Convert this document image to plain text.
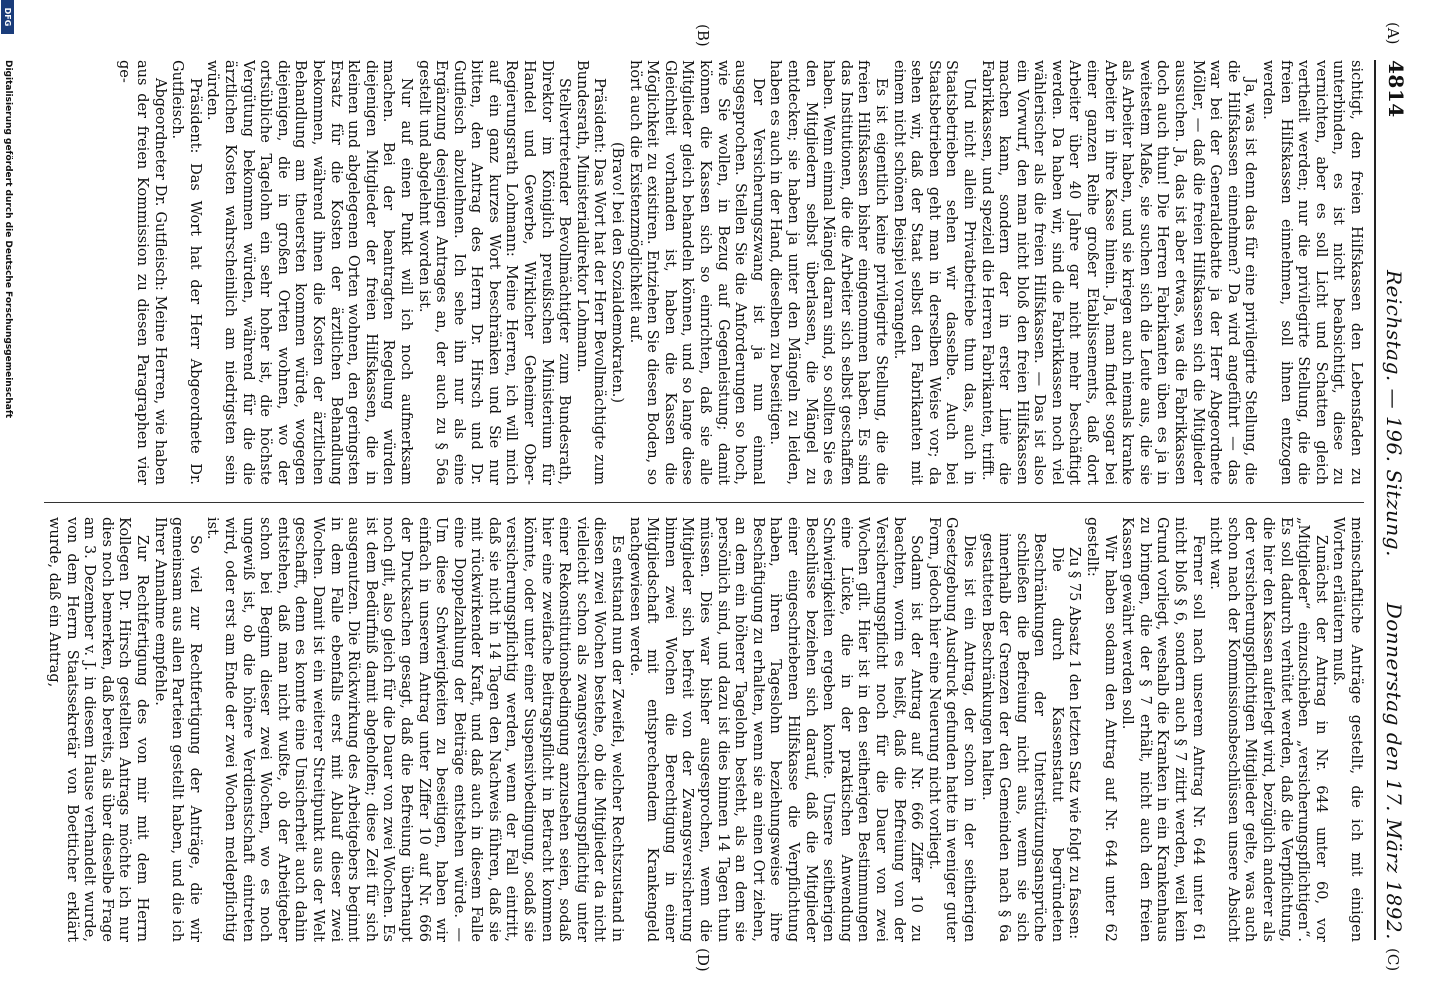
4814
Reichstag. — 196. Sitzung.
Donnerstag den 17. März 1892.
(A)
(B)
(C)
(D)

sichtigt, den freien Hilfskassen den Lebensfaden zu unterbinden, es ist nicht beabsichtigt, diese zu vernichten, aber es soll Licht und Schatten gleich vertheilt werden; nur die privilegirte Stellung, die die freien Hilfskassen einnehmen, soll ihnen entzogen werden.

Ja, was ist denn das für eine privilegirte Stellung, die die Hilfskassen einnehmen? Da wird angeführt — das war bei der Generaldebatte ja der Herr Abgeordnete Möller, — daß die freien Hilfskassen sich die Mitglieder aussuchen. Ja, das ist aber etwas, was die Fabrikkassen doch auch thun! Die Herren Fabrikanten üben es ja in weitestem Maße, sie suchen sich die Leute aus, die sie als Arbeiter haben, und sie kriegen auch niemals kranke Arbeiter in ihre Kasse hinein. Ja, man findet sogar bei einer ganzen Reihe großer Etablissements, daß dort Arbeiter über 40 Jahre gar nicht mehr beschäftigt werden. Da haben wir, sind die Fabrikkassen noch viel wählerischer als die freien Hilfskassen. — Das ist also ein Vorwurf, den man nicht bloß den freien Hilfskassen machen kann, sondern der in erster Linie die Fabrikkassen, und speziell die Herren Fabrikanten, trifft.

Und nicht allein Privatbetriebe thun das, auch in Staatsbetrieben sehen wir dasselbe. Auch bei Staatsbetrieben geht man in derselben Weise vor; da sehen wir, daß der Staat selbst den Fabrikanten mit einem nicht schönen Beispiel vorangeht.

Es ist eigentlich keine privilegirte Stellung, die die freien Hilfskassen bisher eingenommen haben. Es sind das Institutionen, die die Arbeiter sich selbst geschaffen haben. Wenn einmal Mängel daran sind, so sollten Sie es den Mitgliedern selbst überlassen, die Mängel zu entdecken; sie haben ja unter den Mängeln zu leiden, haben es auch in der Hand, dieselben zu beseitigen.

Der Versicherungszwang ist ja nun einmal ausgesprochen. Stellen Sie die Anforderungen so hoch, wie Sie wollen, in Bezug auf Gegenleistung; damit können die Kassen sich so einrichten, daß sie alle Mitglieder gleich behandeln können, und so lange diese Gleichheit vorhanden ist, haben die Kassen die Möglichkeit zu existiren. Entziehen Sie diesen Boden, so hört auch die Existenzmöglichkeit auf.

(Bravo! bei den Sozialdemokraten.)

Präsident: Das Wort hat der Herr Bevollmächtigte zum Bundesrath, Ministerialdirektor Lohmann.

Stellvertretender Bevollmächtigter zum Bundesrath, Direktor im Königlich preußischen Ministerium für Handel und Gewerbe, Wirklicher Geheimer Ober-Regierungsrath Lohmann: Meine Herren, ich will mich auf ein ganz kurzes Wort beschränken und Sie nur bitten, den Antrag des Herrn Dr. Hirsch und Dr. Gutfleisch abzulehnen. Ich sehe ihn nur als eine Ergänzung desjenigen Antrages an, der auch zu § 56a gestellt und abgelehnt worden ist.

Nur auf einen Punkt will ich noch aufmerksam machen. Bei der beantragten Regelung würden diejenigen Mitglieder der freien Hilfskassen, die in kleinen und abgelegenen Orten wohnen, den geringsten Ersatz für die Kosten der ärztlichen Behandlung bekommen, während ihnen die Kosten der ärztlichen Behandlung am theuersten kommen würde, wogegen diejenigen, die in großen Orten wohnen, wo der ortsübliche Tagelohn ein sehr hoher ist, die höchste Vergütung bekommen würden, während für die die ärztlichen Kosten wahrscheinlich am niedrigsten sein würden.

Präsident: Das Wort hat der Herr Abgeordnete Dr. Gutfleisch.

Abgeordneter Dr. Gutfleisch: Meine Herren, wie haben aus der freien Kommission zu diesen Paragraphen vier ge-

meinschaftliche Anträge gestellt, die ich mit einigen Worten erläutern muß.

Zunächst der Antrag in Nr. 644 unter 60, vor „Mitglieder“ einzuschieben „versicherungspflichtigen“. Es soll dadurch verhütet werden, daß die Verpflichtung, die hier den Kassen auferlegt wird, bezüglich anderer als der versicherungspflichtigen Mitglieder gelte, was auch schon nach der Kommissionsbeschlüssen unsere Absicht nicht war.

Ferner soll nach unserem Antrag Nr. 644 unter 61 nicht bloß § 6, sondern auch § 7 zitirt werden, weil kein Grund vorliegt, weshalb die Kranken in ein Krankenhaus zu bringen, die der § 7 erhält, nicht auch den freien Kassen gewährt werden soll.

Wir haben sodann den Antrag auf Nr. 644 unter 62 gestellt:

Zu § 75 Absatz 1 den letzten Satz wie folgt zu fassen:

Die durch Kassenstatut begründeten Beschränkungen der Unterstützungsansprüche schließen die Befreiung nicht aus, wenn sie sich innerhalb der Grenzen der den Gemeinden nach § 6a gestatteten Beschränkungen halten.

Dies ist ein Antrag, der schon in der seitherigen Gesetzgebung Ausdruck gefunden hatte in weniger guter Form, jedoch hier eine Neuerung nicht vorliegt.

Sodann ist der Antrag auf Nr. 666 Ziffer 10 zu beachten, worin es heißt, daß die Befreiung von der Versicherungspflicht noch für die Dauer von zwei Wochen gilt. Hier ist in den seitherigen Bestimmungen eine Lücke, die in der praktischen Anwendung Schwierigkeiten ergeben konnte. Unsere seitherigen Beschlüsse beziehen sich darauf, daß die Mitglieder einer eingeschriebenen Hilfskasse die Verpflichtung haben, ihren Tageslohn beziehungsweise ihre Beschäftigung zu erhalten, wenn sie an einen Ort ziehen, an dem ein höherer Tagelohn besteht, als an dem sie persönlich sind, und dazu ist dies binnen 14 Tagen thun müssen. Dies war bisher ausgesprochen, wenn die Mitglieder sich befreit von der Zwangsversicherung binnen zwei Wochen die Berechtigung in einer Mitgliedschaft mit entsprechendem Krankengeld nachgewiesen werde.

Es entstand nun der Zweifel, welcher Rechtszustand in diesen zwei Wochen bestehe, ob die Mitglieder da nicht vielleicht schon als zwangsversicherungspflichtig unter einer Rekonstitutionsbedingung anzusehen seien, sodaß hier eine zweifache Beitragspflicht in Betracht kommen könnte, oder unter einer Suspensivbedingung, sodaß sie versicherungspflichtig werden, wenn der Fall eintritt, daß sie nicht in 14 Tagen den Nachweis führen, daß sie mit rückwirkender Kraft, und daß auch in diesem Falle eine Doppelzahlung der Beiträge entstehen würde. — Um diese Schwierigkeiten zu beseitigen, haben wir einfach in unserem Antrag unter Ziffer 10 auf Nr. 666 der Drucksachen gesagt, daß die Befreiung überhaupt noch gilt, also gleich für die Dauer von zwei Wochen. Es ist dem Bedürfniß damit abgeholfen; diese Zeit für sich ausgenutzen. Die Rückwirkung des Arbeitgebers beginnt in dem Falle ebenfalls erst mit Ablauf dieser zwei Wochen. Damit ist ein weiterer Streitpunkt aus der Welt geschafft, denn es konnte eine Unsicherheit auch dahin entstehen, daß man nicht wußte, ob der Arbeitgeber schon bei Beginn dieser zwei Wochen, wo es noch ungewiß ist, ob die höhere Verdienstschaft eintreten wird, oder erst am Ende der zwei Wochen meldepflichtig ist.

So viel zur Rechtfertigung der Anträge, die wir gemeinsam aus allen Parteien gestellt haben, und die ich Ihrer Annahme empfehle.

Zur Rechtfertigung des von mir mit dem Herrn Kollegen Dr. Hirsch gestellten Antrags möchte ich nur dies noch bemerken, daß bereits, als über dieselbe Frage am 3. Dezember v. J. in diesem Hause verhandelt wurde, von dem Herrn Staatssekretär von Boetticher erklärt wurde, daß ein Antrag,

DFG
Digitalisierung gefördert durch die Deutsche Forschungsgemeinschaft
